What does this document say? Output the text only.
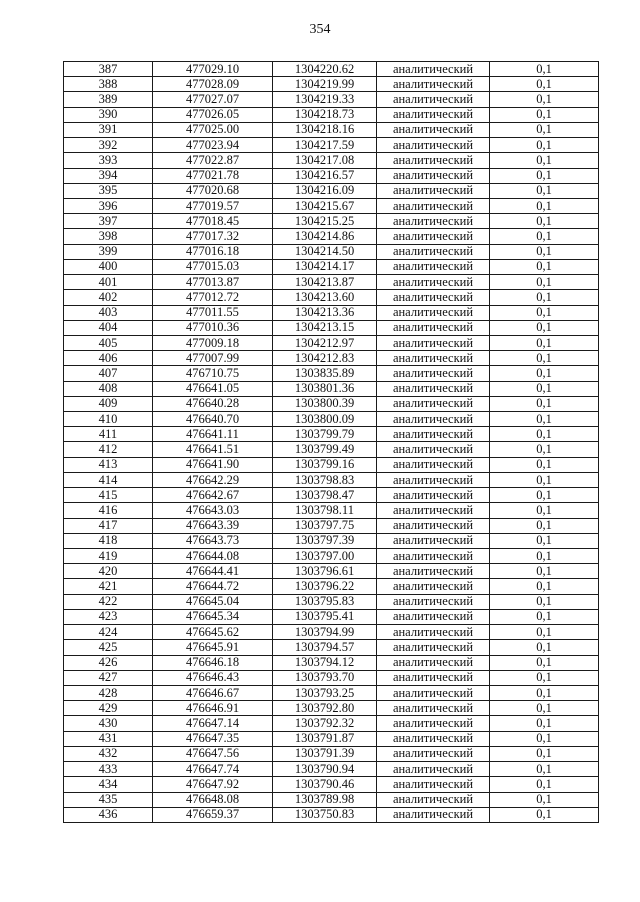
354
387	477029.10	1304220.62	аналитический	0,1
388	477028.09	1304219.99	аналитический	0,1
389	477027.07	1304219.33	аналитический	0,1
390	477026.05	1304218.73	аналитический	0,1
391	477025.00	1304218.16	аналитический	0,1
392	477023.94	1304217.59	аналитический	0,1
393	477022.87	1304217.08	аналитический	0,1
394	477021.78	1304216.57	аналитический	0,1
395	477020.68	1304216.09	аналитический	0,1
396	477019.57	1304215.67	аналитический	0,1
397	477018.45	1304215.25	аналитический	0,1
398	477017.32	1304214.86	аналитический	0,1
399	477016.18	1304214.50	аналитический	0,1
400	477015.03	1304214.17	аналитический	0,1
401	477013.87	1304213.87	аналитический	0,1
402	477012.72	1304213.60	аналитический	0,1
403	477011.55	1304213.36	аналитический	0,1
404	477010.36	1304213.15	аналитический	0,1
405	477009.18	1304212.97	аналитический	0,1
406	477007.99	1304212.83	аналитический	0,1
407	476710.75	1303835.89	аналитический	0,1
408	476641.05	1303801.36	аналитический	0,1
409	476640.28	1303800.39	аналитический	0,1
410	476640.70	1303800.09	аналитический	0,1
411	476641.11	1303799.79	аналитический	0,1
412	476641.51	1303799.49	аналитический	0,1
413	476641.90	1303799.16	аналитический	0,1
414	476642.29	1303798.83	аналитический	0,1
415	476642.67	1303798.47	аналитический	0,1
416	476643.03	1303798.11	аналитический	0,1
417	476643.39	1303797.75	аналитический	0,1
418	476643.73	1303797.39	аналитический	0,1
419	476644.08	1303797.00	аналитический	0,1
420	476644.41	1303796.61	аналитический	0,1
421	476644.72	1303796.22	аналитический	0,1
422	476645.04	1303795.83	аналитический	0,1
423	476645.34	1303795.41	аналитический	0,1
424	476645.62	1303794.99	аналитический	0,1
425	476645.91	1303794.57	аналитический	0,1
426	476646.18	1303794.12	аналитический	0,1
427	476646.43	1303793.70	аналитический	0,1
428	476646.67	1303793.25	аналитический	0,1
429	476646.91	1303792.80	аналитический	0,1
430	476647.14	1303792.32	аналитический	0,1
431	476647.35	1303791.87	аналитический	0,1
432	476647.56	1303791.39	аналитический	0,1
433	476647.74	1303790.94	аналитический	0,1
434	476647.92	1303790.46	аналитический	0,1
435	476648.08	1303789.98	аналитический	0,1
436	476659.37	1303750.83	аналитический	0,1
